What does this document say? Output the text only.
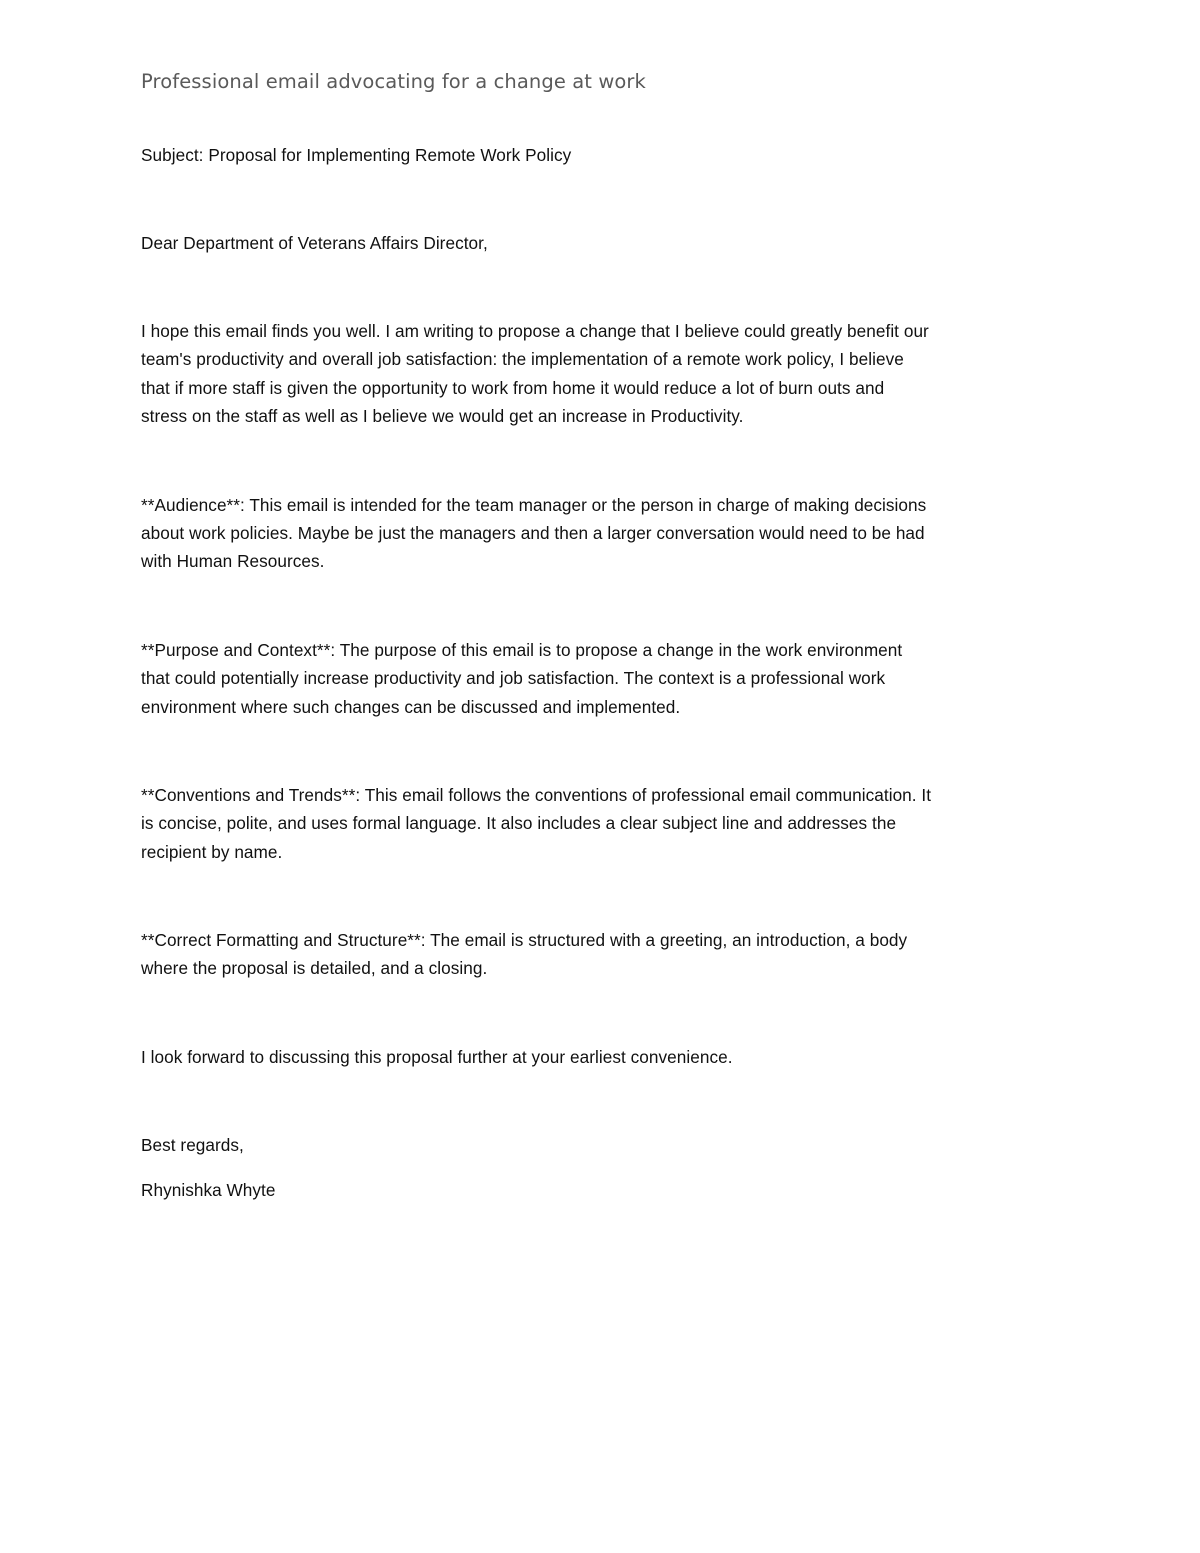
Professional email advocating for a change at work
Subject: Proposal for Implementing Remote Work Policy
Dear Department of Veterans Affairs Director,
I hope this email finds you well. I am writing to propose a change that I believe could greatly benefit our
team's productivity and overall job satisfaction: the implementation of a remote work policy, I believe
that if more staff is given the opportunity to work from home it would reduce a lot of burn outs and
stress on the staff as well as I believe we would get an increase in Productivity.
**Audience**: This email is intended for the team manager or the person in charge of making decisions
about work policies. Maybe be just the managers and then a larger conversation would need to be had
with Human Resources.
**Purpose and Context**: The purpose of this email is to propose a change in the work environment
that could potentially increase productivity and job satisfaction. The context is a professional work
environment where such changes can be discussed and implemented.
**Conventions and Trends**: This email follows the conventions of professional email communication. It
is concise, polite, and uses formal language. It also includes a clear subject line and addresses the
recipient by name.
**Correct Formatting and Structure**: The email is structured with a greeting, an introduction, a body
where the proposal is detailed, and a closing.
I look forward to discussing this proposal further at your earliest convenience.
Best regards,
Rhynishka Whyte
